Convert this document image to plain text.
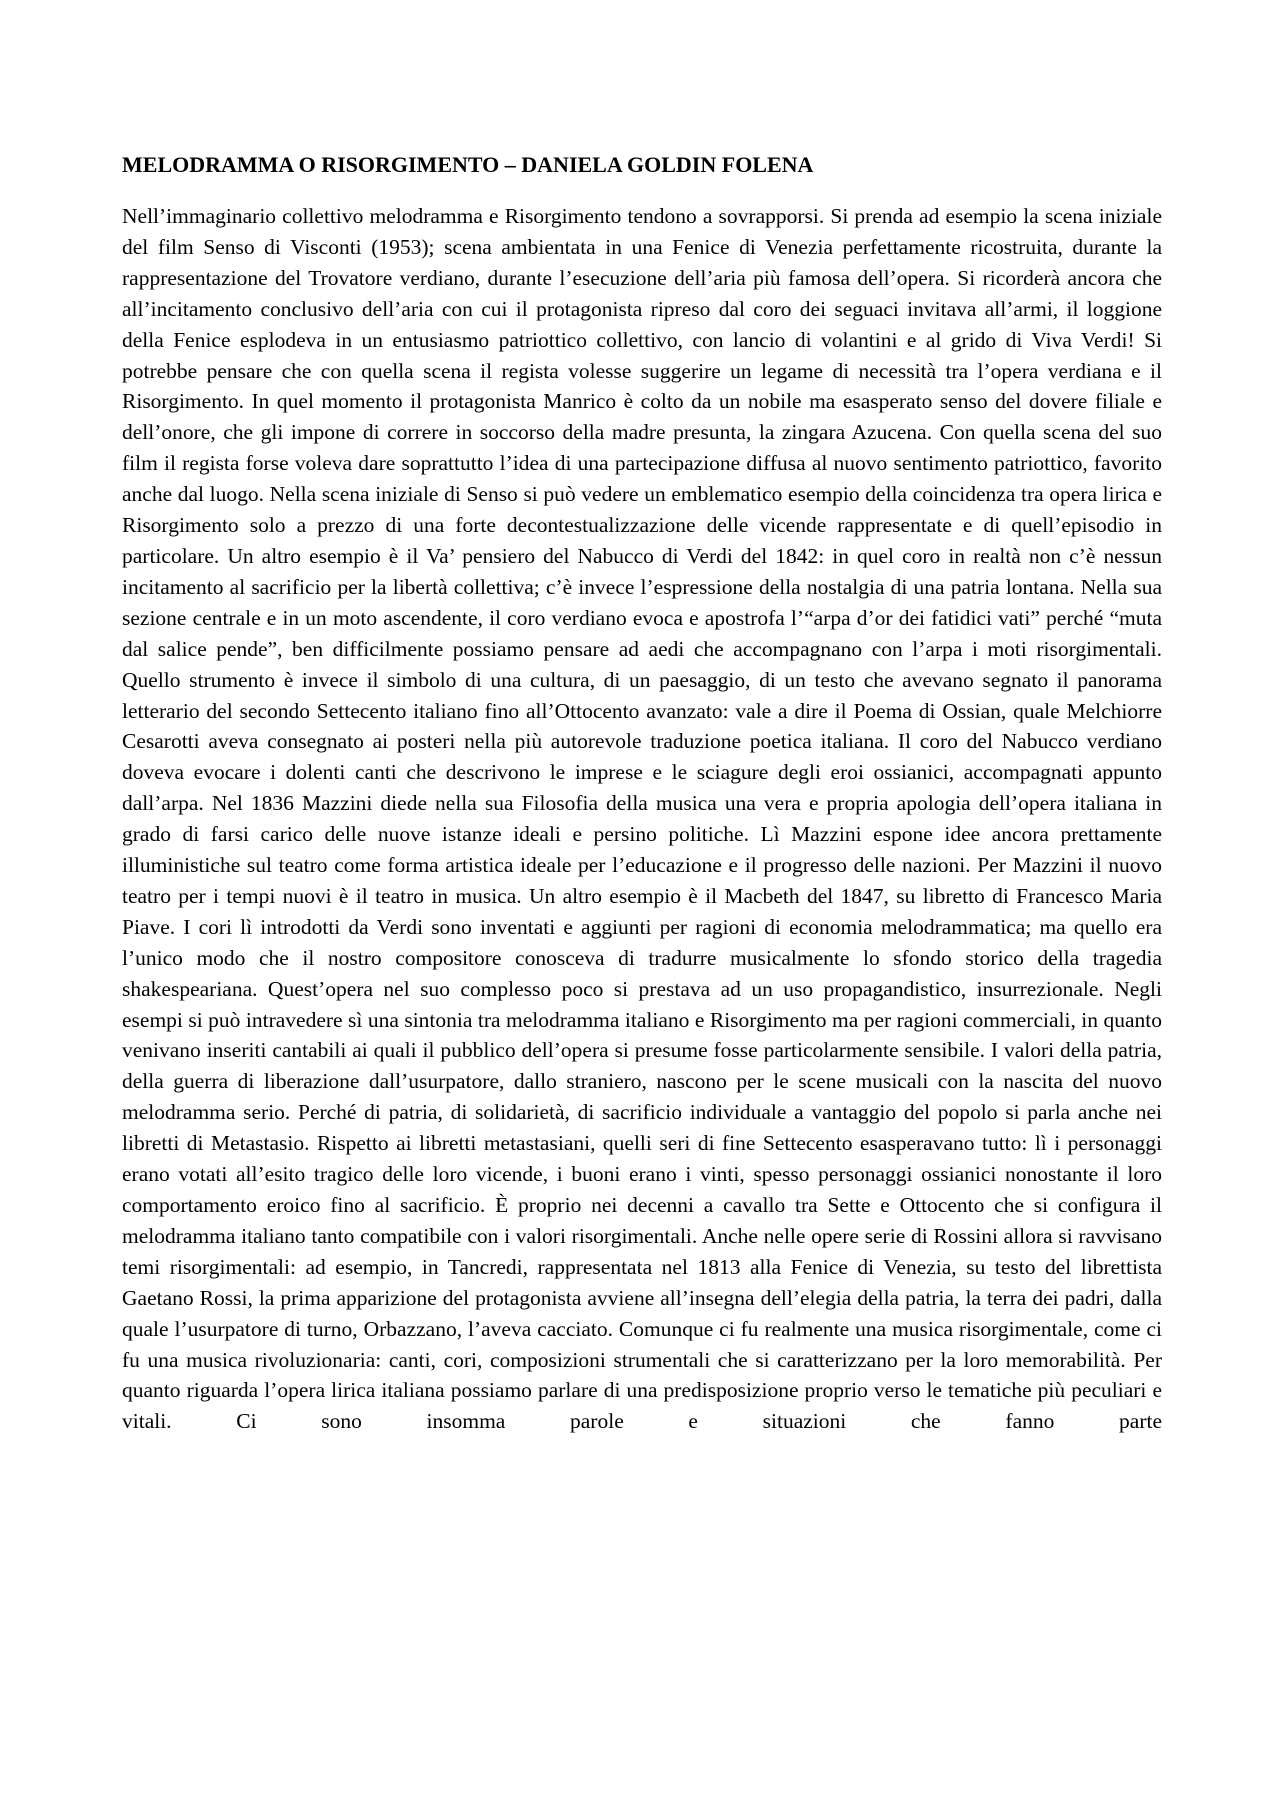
MELODRAMMA O RISORGIMENTO – DANIELA GOLDIN FOLENA

Nell’immaginario collettivo melodramma e Risorgimento tendono a sovrapporsi. Si prenda ad esempio la scena iniziale del film Senso di Visconti (1953); scena ambientata in una Fenice di Venezia perfettamente ricostruita, durante la rappresentazione del Trovatore verdiano, durante l’esecuzione dell’aria più famosa dell’opera. Si ricorderà ancora che all’incitamento conclusivo dell’aria con cui il protagonista ripreso dal coro dei seguaci invitava all’armi, il loggione della Fenice esplodeva in un entusiasmo patriottico collettivo, con lancio di volantini e al grido di Viva Verdi! Si potrebbe pensare che con quella scena il regista volesse suggerire un legame di necessità tra l’opera verdiana e il Risorgimento. In quel momento il protagonista Manrico è colto da un nobile ma esasperato senso del dovere filiale e dell’onore, che gli impone di correre in soccorso della madre presunta, la zingara Azucena. Con quella scena del suo film il regista forse voleva dare soprattutto l’idea di una partecipazione diffusa al nuovo sentimento patriottico, favorito anche dal luogo. Nella scena iniziale di Senso si può vedere un emblematico esempio della coincidenza tra opera lirica e Risorgimento solo a prezzo di una forte decontestualizzazione delle vicende rappresentate e di quell’episodio in particolare. Un altro esempio è il Va’ pensiero del Nabucco di Verdi del 1842: in quel coro in realtà non c’è nessun incitamento al sacrificio per la libertà collettiva; c’è invece l’espressione della nostalgia di una patria lontana. Nella sua sezione centrale e in un moto ascendente, il coro verdiano evoca e apostrofa l’“arpa d’or dei fatidici vati” perché “muta dal salice pende”, ben difficilmente possiamo pensare ad aedi che accompagnano con l’arpa i moti risorgimentali. Quello strumento è invece il simbolo di una cultura, di un paesaggio, di un testo che avevano segnato il panorama letterario del secondo Settecento italiano fino all’Ottocento avanzato: vale a dire il Poema di Ossian, quale Melchiorre Cesarotti aveva consegnato ai posteri nella più autorevole traduzione poetica italiana. Il coro del Nabucco verdiano doveva evocare i dolenti canti che descrivono le imprese e le sciagure degli eroi ossianici, accompagnati appunto dall’arpa. Nel 1836 Mazzini diede nella sua Filosofia della musica una vera e propria apologia dell’opera italiana in grado di farsi carico delle nuove istanze ideali e persino politiche. Lì Mazzini espone idee ancora prettamente illuministiche sul teatro come forma artistica ideale per l’educazione e il progresso delle nazioni. Per Mazzini il nuovo teatro per i tempi nuovi è il teatro in musica. Un altro esempio è il Macbeth del 1847, su libretto di Francesco Maria Piave. I cori lì introdotti da Verdi sono inventati e aggiunti per ragioni di economia melodrammatica; ma quello era l’unico modo che il nostro compositore conosceva di tradurre musicalmente lo sfondo storico della tragedia shakespeariana. Quest’opera nel suo complesso poco si prestava ad un uso propagandistico, insurrezionale. Negli esempi si può intravedere sì una sintonia tra melodramma italiano e Risorgimento ma per ragioni commerciali, in quanto venivano inseriti cantabili ai quali il pubblico dell’opera si presume fosse particolarmente sensibile. I valori della patria, della guerra di liberazione dall’usurpatore, dallo straniero, nascono per le scene musicali con la nascita del nuovo melodramma serio. Perché di patria, di solidarietà, di sacrificio individuale a vantaggio del popolo si parla anche nei libretti di Metastasio. Rispetto ai libretti metastasiani, quelli seri di fine Settecento esasperavano tutto: lì i personaggi erano votati all’esito tragico delle loro vicende, i buoni erano i vinti, spesso personaggi ossianici nonostante il loro comportamento eroico fino al sacrificio. È proprio nei decenni a cavallo tra Sette e Ottocento che si configura il melodramma italiano tanto compatibile con i valori risorgimentali. Anche nelle opere serie di Rossini allora si ravvisano temi risorgimentali: ad esempio, in Tancredi, rappresentata nel 1813 alla Fenice di Venezia, su testo del librettista Gaetano Rossi, la prima apparizione del protagonista avviene all’insegna dell’elegia della patria, la terra dei padri, dalla quale l’usurpatore di turno, Orbazzano, l’aveva cacciato. Comunque ci fu realmente una musica risorgimentale, come ci fu una musica rivoluzionaria: canti, cori, composizioni strumentali che si caratterizzano per la loro memorabilità. Per quanto riguarda l’opera lirica italiana possiamo parlare di una predisposizione proprio verso le tematiche più peculiari e vitali. Ci sono insomma parole e situazioni che fanno parte
